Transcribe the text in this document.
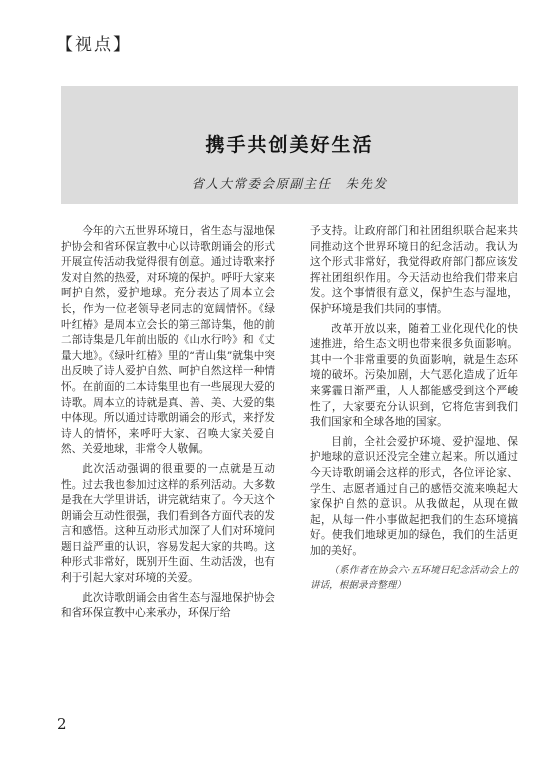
【视点】
携手共创美好生活
省人大常委会原副主任　朱先发

今年的六五世界环境日，省生态与湿地保护协会和省环保宣教中心以诗歌朗诵会的形式开展宣传活动我觉得很有创意。通过诗歌来抒发对自然的热爱，对环境的保护。呼吁大家来呵护自然，爱护地球。充分表达了周本立会长，作为一位老领导老同志的宽阔情怀。《绿叶红椿》是周本立会长的第三部诗集，他的前二部诗集是几年前出版的《山水行吟》和《丈量大地》。《绿叶红椿》里的“青山集”就集中突出反映了诗人爱护自然、呵护自然这样一种情怀。在前面的二本诗集里也有一些展现大爱的诗歌。周本立的诗就是真、善、美、大爱的集中体现。所以通过诗歌朗诵会的形式，来抒发诗人的情怀，来呼吁大家、召唤大家关爱自然、关爱地球，非常令人敬佩。

此次活动强调的很重要的一点就是互动性。过去我也参加过这样的系列活动。大多数是我在大学里讲话，讲完就结束了。今天这个朗诵会互动性很强，我们看到各方面代表的发言和感悟。这种互动形式加深了人们对环境问题日益严重的认识，容易发起大家的共鸣。这种形式非常好，既别开生面、生动活泼，也有利于引起大家对环境的关爱。

此次诗歌朗诵会由省生态与湿地保护协会和省环保宣教中心来承办，环保厅给

予支持。让政府部门和社团组织联合起来共同推动这个世界环境日的纪念活动。我认为这个形式非常好，我觉得政府部门都应该发挥社团组织作用。今天活动也给我们带来启发。这个事情很有意义，保护生态与湿地，保护环境是我们共同的事情。

改革开放以来，随着工业化现代化的快速推进，给生态文明也带来很多负面影响。其中一个非常重要的负面影响，就是生态环境的破坏。污染加剧，大气恶化造成了近年来雾霾日渐严重，人人都能感受到这个严峻性了，大家要充分认识到，它将危害到我们我们国家和全球各地的国家。

目前，全社会爱护环境、爱护湿地、保护地球的意识还没完全建立起来。所以通过今天诗歌朗诵会这样的形式，各位评论家、学生、志愿者通过自己的感悟交流来唤起大家保护自然的意识。从我做起，从现在做起，从每一件小事做起把我们的生态环境搞好。使我们地球更加的绿色，我们的生活更加的美好。

（系作者在协会六·五环境日纪念活动会上的讲话，根据录音整理）

2
